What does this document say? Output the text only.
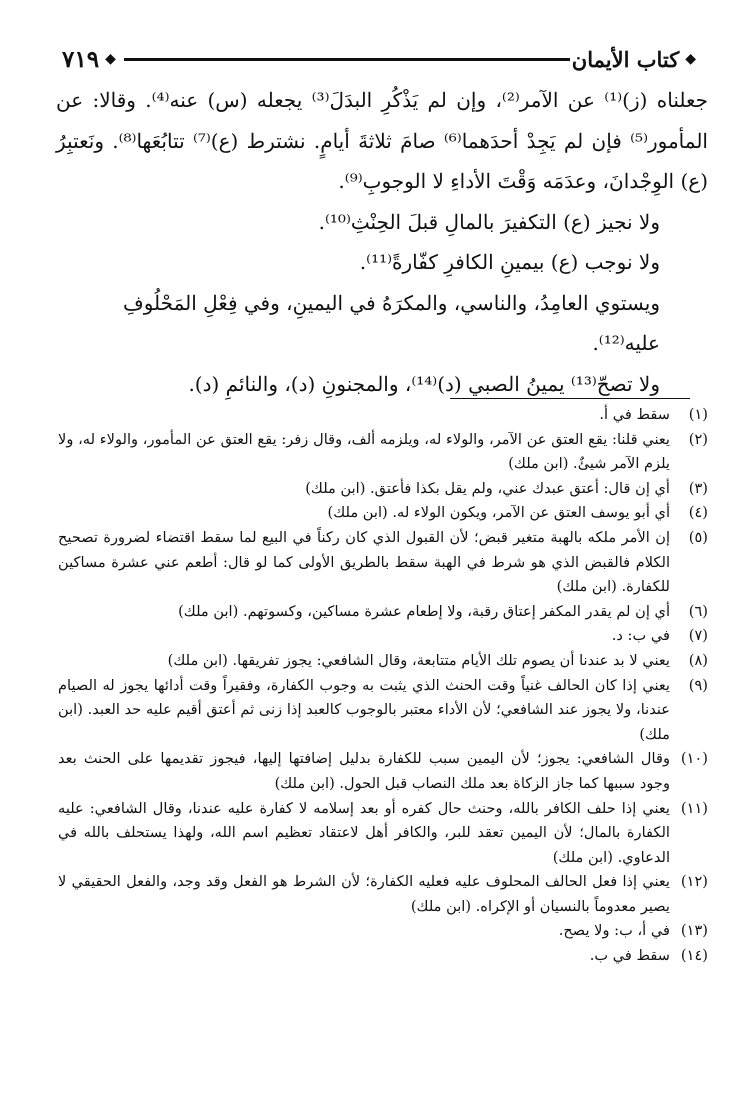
◆
كتاب الأيمان
◆
٧١٩

جعلناه (ز)⁽¹⁾ عن الآمر⁽²⁾، وإن لم يَذْكُرِ البدَلَ⁽³⁾ يجعله (س) عنه⁽⁴⁾. وقالا: عن المأمور⁽⁵⁾ فإن لم يَجِدْ أحدَهما⁽⁶⁾ صامَ ثلاثةَ أيامٍ. نشترط (ع)⁽⁷⁾ تتابُعَها⁽⁸⁾. ونَعتبِرُ (ع) الوِجْدانَ، وعدَمَه وَقْتَ الأداءِ لا الوجوبِ⁽⁹⁾.

ولا نجيز (ع) التكفيرَ بالمالِ قبلَ الحِنْثِ⁽¹⁰⁾.

ولا نوجب (ع) بيمينِ الكافرِ كفّارةً⁽¹¹⁾.

ويستوي العامِدُ، والناسي، والمكرَهُ في اليمينِ، وفي فِعْلِ المَحْلُوفِ عليه⁽¹²⁾.

ولا تصحّ⁽¹³⁾ يمينُ الصبي (د)⁽¹⁴⁾، والمجنونِ (د)، والنائمِ (د).

(١)
سقط في أ.
(٢)
يعني قلنا: يقع العتق عن الآمر، والولاء له، ويلزمه ألف، وقال زفر: يقع العتق عن المأمور، والولاء له، ولا يلزم الآمر شيئٌ. (ابن ملك)
(٣)
أي إن قال: أعتق عبدك عني، ولم يقل بكذا فأعتق. (ابن ملك)
(٤)
أي أبو يوسف العتق عن الآمر، ويكون الولاء له. (ابن ملك)
(٥)
إن الأمر ملكه بالهبة متغير قبض؛ لأن القبول الذي كان ركناً في البيع لما سقط اقتضاء لضرورة تصحيح الكلام فالقبض الذي هو شرط في الهبة سقط بالطريق الأولى كما لو قال: أطعم عني عشرة مساكين للكفارة. (ابن ملك)
(٦)
أي إن لم يقدر المكفر إعتاق رقبة، ولا إطعام عشرة مساكين، وكسوتهم. (ابن ملك)
(٧)
في ب: د.
(٨)
يعني لا بد عندنا أن يصوم تلك الأيام متتابعة، وقال الشافعي: يجوز تفريقها. (ابن ملك)
(٩)
يعني إذا كان الحالف غنياً وقت الحنث الذي يثبت به وجوب الكفارة، وفقيراً وقت أدائها يجوز له الصيام عندنا، ولا يجوز عند الشافعي؛ لأن الأداء معتبر بالوجوب كالعبد إذا زنى ثم أعتق أقيم عليه حد العبد. (ابن ملك)
(١٠)
وقال الشافعي: يجوز؛ لأن اليمين سبب للكفارة بدليل إضافتها إليها، فيجوز تقديمها على الحنث بعد وجود سببها كما جاز الزكاة بعد ملك النصاب قبل الحول. (ابن ملك)
(١١)
يعني إذا حلف الكافر بالله، وحنث حال كفره أو بعد إسلامه لا كفارة عليه عندنا، وقال الشافعي: عليه الكفارة بالمال؛ لأن اليمين تعقد للبر، والكافر أهل لاعتقاد تعظيم اسم الله، ولهذا يستحلف بالله في الدعاوي. (ابن ملك)
(١٢)
يعني إذا فعل الحالف المحلوف عليه فعليه الكفارة؛ لأن الشرط هو الفعل وقد وجد، والفعل الحقيقي لا يصير معدوماً بالنسيان أو الإكراه. (ابن ملك)
(١٣)
في أ، ب: ولا يصح.
(١٤)
سقط في ب.
